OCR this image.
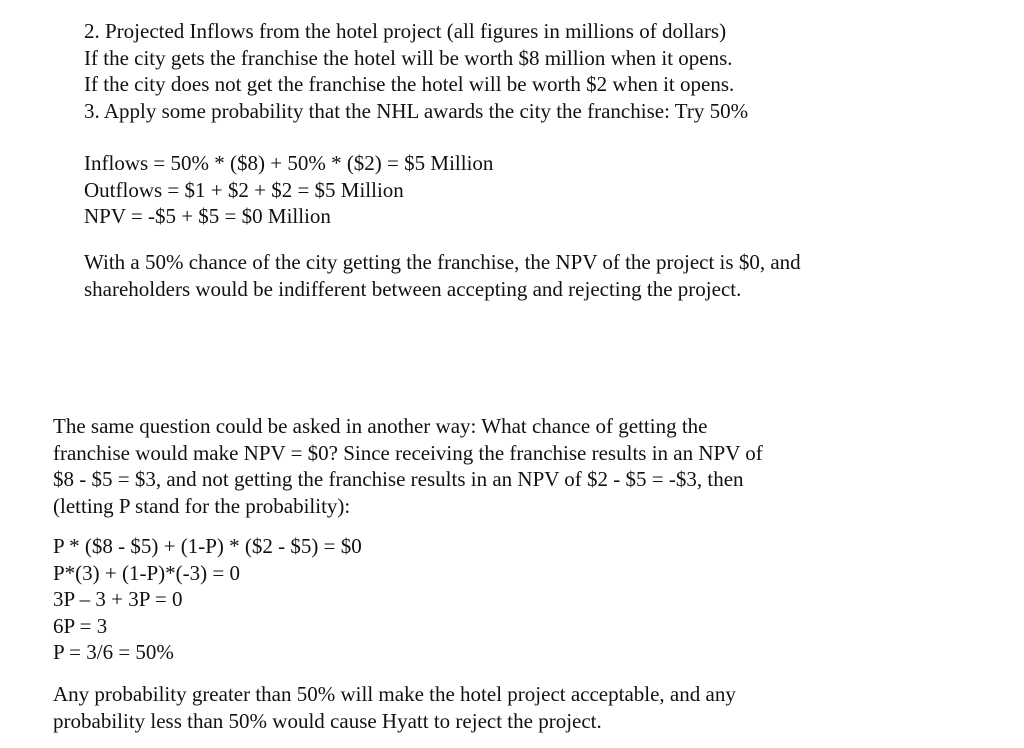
2. Projected Inflows from the hotel project (all figures in millions of dollars)
If the city gets the franchise the hotel will be worth $8 million when it opens.
If the city does not get the franchise the hotel will be worth $2 when it opens.
3. Apply some probability that the NHL awards the city the franchise: Try 50%
Inflows = 50% * ($8) + 50% * ($2) = $5 Million
Outflows = $1 + $2 + $2 = $5 Million
NPV = -$5 + $5 = $0 Million
With a 50% chance of the city getting the franchise, the NPV of the project is $0, and
shareholders would be indifferent between accepting and rejecting the project.
The same question could be asked in another way: What chance of getting the
franchise would make NPV = $0? Since receiving the franchise results in an NPV of
$8 - $5 = $3, and not getting the franchise results in an NPV of $2 - $5 = -$3, then
(letting P stand for the probability):
P * ($8 - $5) + (1-P) * ($2 - $5) = $0
P*(3) + (1-P)*(-3) = 0
3P – 3 + 3P = 0
6P = 3
P = 3/6 = 50%
Any probability greater than 50% will make the hotel project acceptable, and any
probability less than 50% would cause Hyatt to reject the project.
